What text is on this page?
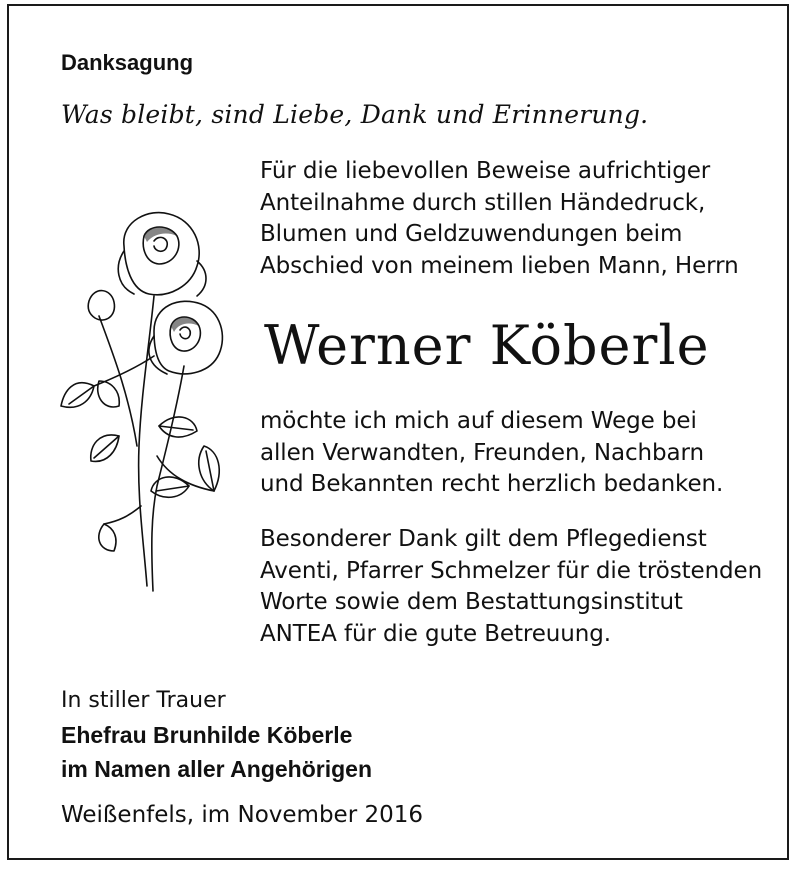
Danksagung
Was bleibt, sind Liebe, Dank und Erinnerung.
Für die liebevollen Beweise aufrichtiger
Anteilnahme durch stillen Händedruck,
Blumen und Geldzuwendungen beim
Abschied von meinem lieben Mann, Herrn
Werner Köberle
möchte ich mich auf diesem Wege bei
allen Verwandten, Freunden, Nachbarn
und Bekannten recht herzlich bedanken.
Besonderer Dank gilt dem Pflegedienst
Aventi, Pfarrer Schmelzer für die tröstenden
Worte sowie dem Bestattungsinstitut
ANTEA für die gute Betreuung.
In stiller Trauer
Ehefrau Brunhilde Köberle
im Namen aller Angehörigen
Weißenfels, im November 2016
